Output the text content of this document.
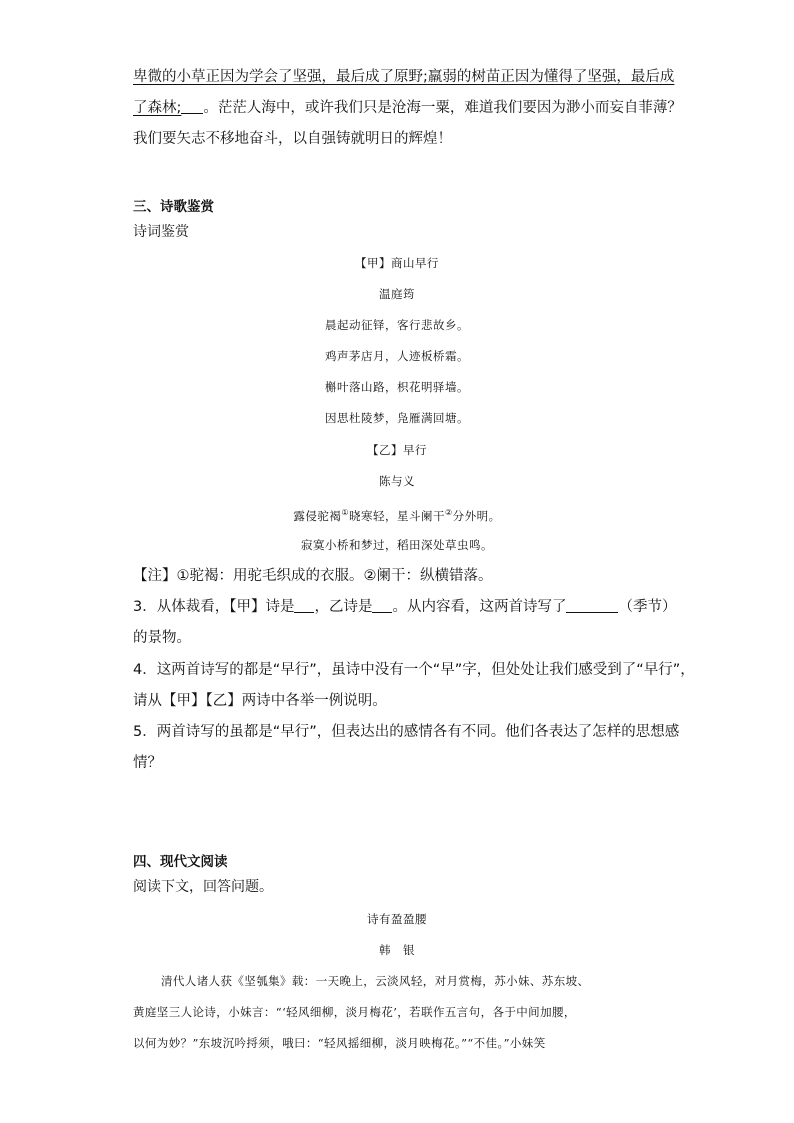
卑微的小草正因为学会了坚强，最后成了原野;羸弱的树苗正因为懂得了坚强，最后成
了森林; 。茫茫人海中，或许我们只是沧海一粟，难道我们要因为渺小而妄自菲薄？
我们要矢志不移地奋斗，以自强铸就明日的辉煌！
三、诗歌鉴赏
诗词鉴赏
【甲】商山早行
温庭筠
晨起动征铎，客行悲故乡。
鸡声茅店月，人迹板桥霜。
槲叶落山路，枳花明驿墙。
因思杜陵梦，凫雁满回塘。
【乙】早行
陈与义
露侵驼褐①晓寒轻，星斗阑干②分外明。
寂寞小桥和梦过，稻田深处草虫鸣。
【注】①驼褐：用驼毛织成的衣服。②阑干：纵横错落。
3．从体裁看，【甲】诗是 ，乙诗是 。从内容看，这两首诗写了	（季节）
的景物。
4．这两首诗写的都是“早行”，虽诗中没有一个“早”字，但处处让我们感受到了“早行”，
请从【甲】【乙】两诗中各举一例说明。
5．两首诗写的虽都是“早行”，但表达出的感情各有不同。他们各表达了怎样的思想感
情？
四、现代文阅读
阅读下文，回答问题。
诗有盈盈腰
韩　银
清代人诸人获《坚瓠集》载：一天晚上，云淡风轻，对月赏梅，苏小妹、苏东坡、
黄庭坚三人论诗，小妹言：“‘轻风细柳，淡月梅花’，若联作五言句，各于中间加腰，
以何为妙？”东坡沉吟捋须，哦曰：“轻风摇细柳，淡月映梅花。”“不佳。”小妹笑
